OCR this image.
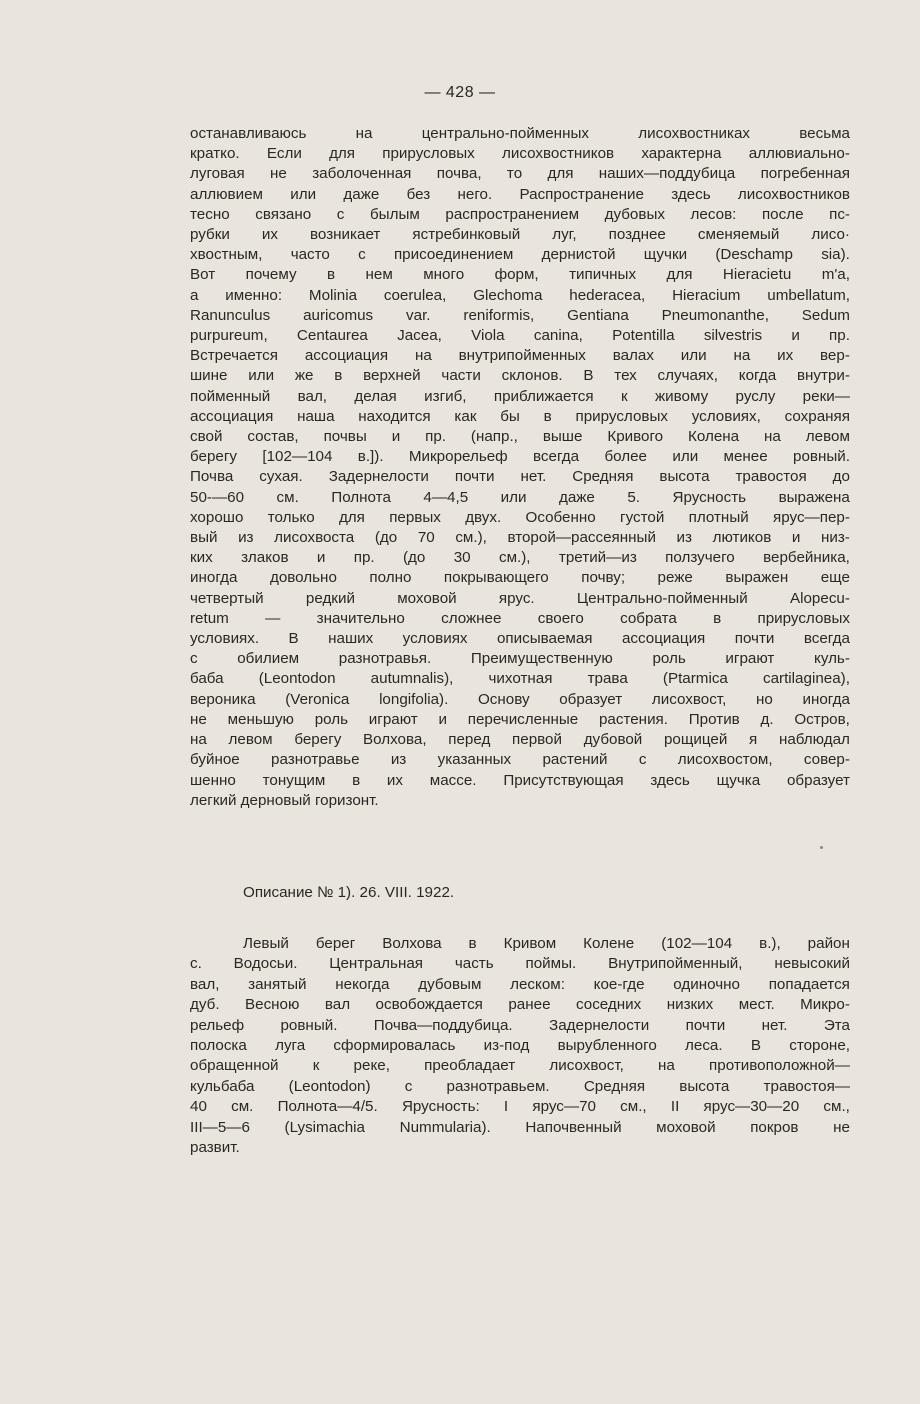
— 428 —
останавливаюсь	на	центрально-пойменных	лисохвостниках	весьма
кратко. Если для прирусловых лисохвостников характерна аллювиально-
луговая не заболоченная почва, то для наших—поддубица погребенная
аллювием или даже без него. Распространение здесь лисохвостников
тесно связано с былым распространением дубовых лесов: после пс-
рубки их возникает ястребинковый луг, позднее сменяемый лисо·
хвостным, часто с присоединением дернистой щучки (Deschamp sia).
Вот почему в нем много форм, типичных для Hieracietu m'a,
а именно: Molinia coerulea, Glechoma hederacea, Hieracium umbellatum,
Ranunculus auricomus var. reniformis, Gentiana Pneumonanthe, Sedum
purpureum, Centaurea Jacea, Viola canina, Potentilla silvestris и пр.
Встречается ассоциация на внутрипойменных валах или на их вер-
шине или же в верхней части склонов. В тех случаях, когда внутри-
пойменный вал, делая изгиб, приближается к живому руслу реки—
ассоциация наша находится как бы в прирусловых условиях, сохраняя
свой состав, почвы и пр. (напр., выше Кривого Колена на левом
берегу [102—104 в.]). Микрорельеф всегда более или менее ровный.
Почва сухая. Задернелости почти нет. Средняя высота травостоя до
50-—60 см. Полнота 4—4,5 или даже 5. Ярусность выражена
хорошо только для первых двух. Особенно густой плотный ярус—пер-
вый из лисохвоста (до 70 см.), второй—рассеянный из лютиков и низ-
ких злаков и пр. (до 30 см.), третий—из ползучего вербейника,
иногда довольно полно покрывающего почву; реже выражен еще
четвертый	редкий	моховой	ярус.	Центрально-пойменный	Alopecu-
retum — значительно сложнее своего собрата в прирусловых
условиях. В наших условиях описываемая ассоциация почти всегда
с	обилием	разнотравья.	Преимущественную	роль	играют	куль-
баба (Leontodon autumnalis), чихотная трава (Ptarmica cartilaginea),
вероника (Veronica longifolia). Основу образует лисохвост, но иногда
не меньшую роль играют и перечисленные растения. Против д. Остров,
на левом берегу Волхова, перед первой дубовой рощицей я наблюдал
буйное разнотравье из указанных растений с лисохвостом, совер-
шенно тонущим в их массе. Присутствующая здесь щучка образует
легкий дерновый горизонт.
Описание № 1). 26. VIII. 1922.
Левый берег Волхова в Кривом Колене (102—104 в.), район
с. Водосьи. Центральная часть поймы. Внутрипойменный, невысокий
вал, занятый некогда дубовым леском: кое-где одиночно попадается
дуб. Весною вал освобождается ранее соседних низких мест. Микро-
рельеф ровный. Почва—поддубица. Задернелости почти нет. Эта
полоска луга сформировалась из-под вырубленного леса. В стороне,
обращенной к реке, преобладает лисохвост, на противоположной—
кульбаба (Leontodon) с разнотравьем. Средняя высота травостоя—
40 см. Полнота—4/5. Ярусность: I ярус—70 см., II ярус—30—20 см.,
III—5—6 (Lysimachia Nummularia). Напочвенный моховой покров не
развит.
